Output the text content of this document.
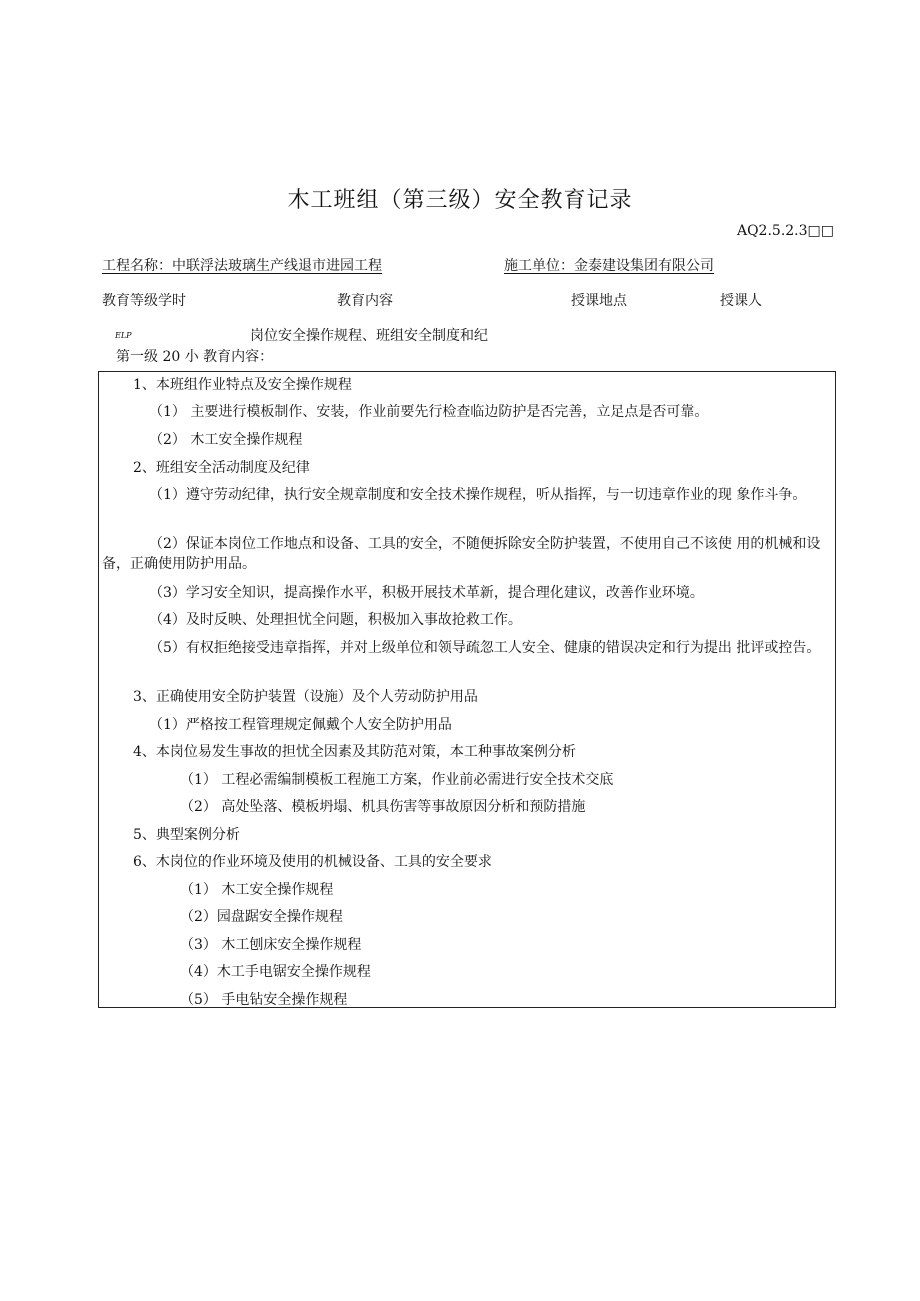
木工班组（第三级）安全教育记录
AQ2.5.2.3□□
工程名称：中联浮法玻璃生产线退市进园工程	施工单位：金泰建设集团有限公司
教育等级学时	教育内容	授课地点	授课人
ELP	岗位安全操作规程、班组安全制度和纪
第一级 20 小 教育内容：
1、本班组作业特点及安全操作规程
（1） 主要进行模板制作、安装，作业前要先行检查临边防护是否完善，立足点是否可靠。
（2） 木工安全操作规程
2、班组安全活动制度及纪律
（1）遵守劳动纪律，执行安全规章制度和安全技术操作规程，听从指挥，与一切违章作业的现 象作斗争。
（2）保证本岗位工作地点和设备、工具的安全，不随便拆除安全防护装置，不使用自己不该使 用的机械和设备，正确使用防护用品。
（3）学习安全知识，提高操作水平，积极开展技术革新，提合理化建议，改善作业环境。
（4）及时反映、处理担忧全问题，积极加入事故抢救工作。
（5）有权拒绝接受违章指挥，并对上级单位和领导疏忽工人安全、健康的错误决定和行为提出 批评或控告。
3、正确使用安全防护装置（设施）及个人劳动防护用品
（1）严格按工程管理规定佩戴个人安全防护用品
4、本岗位易发生事故的担忧全因素及其防范对策，本工种事故案例分析
（1） 工程必需编制模板工程施工方案，作业前必需进行安全技术交底
（2） 高处坠落、模板坍塌、机具伤害等事故原因分析和预防措施
5、典型案例分析
6、木岗位的作业环境及使用的机械设备、工具的安全要求
（1） 木工安全操作规程
（2）园盘踞安全操作规程
（3） 木工刨床安全操作规程
（4）木工手电锯安全操作规程
（5） 手电钻安全操作规程
